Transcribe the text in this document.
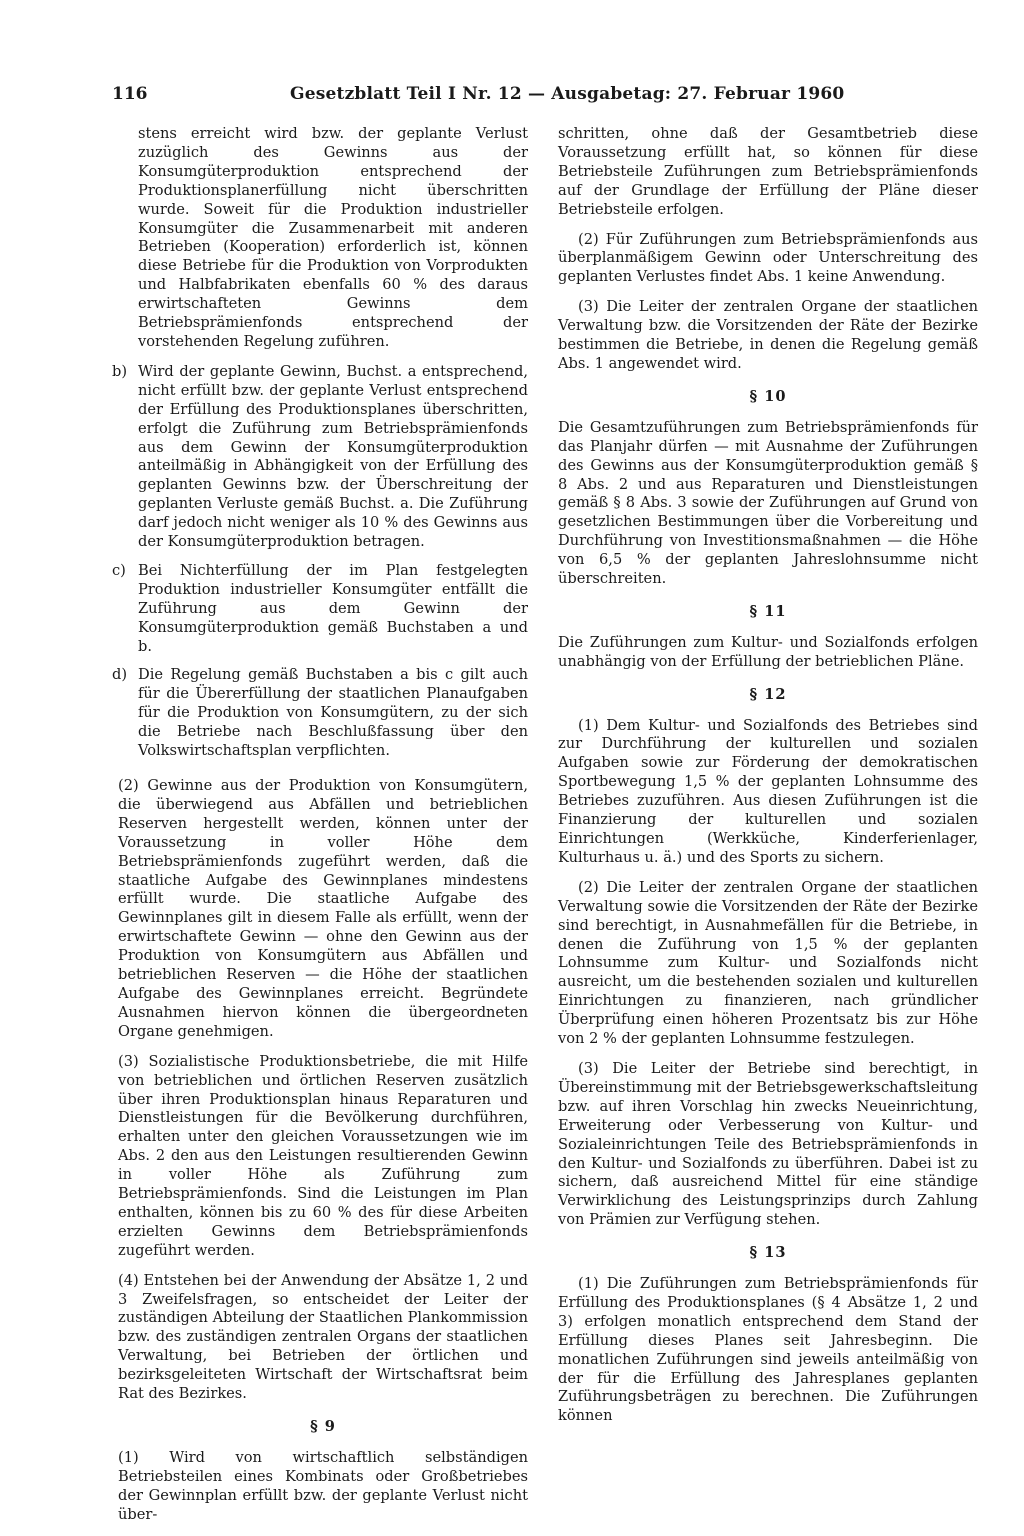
116	Gesetzblatt Teil I Nr. 12 — Ausgabetag: 27. Februar 1960

stens erreicht wird bzw. der geplante Verlust zuzüglich des Gewinns aus der Konsumgüterproduktion entsprechend der Produktionsplanerfüllung nicht überschritten wurde. Soweit für die Produktion industrieller Konsumgüter die Zusammenarbeit mit anderen Betrieben (Kooperation) erforderlich ist, können diese Betriebe für die Produktion von Vorprodukten und Halbfabrikaten ebenfalls 60 % des daraus erwirtschafteten Gewinns dem Betriebsprämienfonds entsprechend der vorstehenden Regelung zuführen.

b) Wird der geplante Gewinn, Buchst. a entsprechend, nicht erfüllt bzw. der geplante Verlust entsprechend der Erfüllung des Produktionsplanes überschritten, erfolgt die Zuführung zum Betriebsprämienfonds aus dem Gewinn der Konsumgüterproduktion anteilmäßig in Abhängigkeit von der Erfüllung des geplanten Gewinns bzw. der Überschreitung der geplanten Verluste gemäß Buchst. a. Die Zuführung darf jedoch nicht weniger als 10 % des Gewinns aus der Konsumgüterproduktion betragen.
c) Bei Nichterfüllung der im Plan festgelegten Produktion industrieller Konsumgüter entfällt die Zuführung aus dem Gewinn der Konsumgüterproduktion gemäß Buchstaben a und b.
d) Die Regelung gemäß Buchstaben a bis c gilt auch für die Übererfüllung der staatlichen Planaufgaben für die Produktion von Konsumgütern, zu der sich die Betriebe nach Beschlußfassung über den Volkswirtschaftsplan verpflichten.

(2) Gewinne aus der Produktion von Konsumgütern, die überwiegend aus Abfällen und betrieblichen Reserven hergestellt werden, können unter der Voraussetzung in voller Höhe dem Betriebsprämienfonds zugeführt werden, daß die staatliche Aufgabe des Gewinnplanes mindestens erfüllt wurde. Die staatliche Aufgabe des Gewinnplanes gilt in diesem Falle als erfüllt, wenn der erwirtschaftete Gewinn — ohne den Gewinn aus der Produktion von Konsumgütern aus Abfällen und betrieblichen Reserven — die Höhe der staatlichen Aufgabe des Gewinnplanes erreicht. Begründete Ausnahmen hiervon können die übergeordneten Organe genehmigen.

(3) Sozialistische Produktionsbetriebe, die mit Hilfe von betrieblichen und örtlichen Reserven zusätzlich über ihren Produktionsplan hinaus Reparaturen und Dienstleistungen für die Bevölkerung durchführen, erhalten unter den gleichen Voraussetzungen wie im Abs. 2 den aus den Leistungen resultierenden Gewinn in voller Höhe als Zuführung zum Betriebsprämienfonds. Sind die Leistungen im Plan enthalten, können bis zu 60 % des für diese Arbeiten erzielten Gewinns dem Betriebsprämienfonds zugeführt werden.

(4) Entstehen bei der Anwendung der Absätze 1, 2 und 3 Zweifelsfragen, so entscheidet der Leiter der zuständigen Abteilung der Staatlichen Plankommission bzw. des zuständigen zentralen Organs der staatlichen Verwaltung, bei Betrieben der örtlichen und bezirksgeleiteten Wirtschaft der Wirtschaftsrat beim Rat des Bezirkes.

§ 9

(1) Wird von wirtschaftlich selbständigen Betriebsteilen eines Kombinats oder Großbetriebes der Gewinnplan erfüllt bzw. der geplante Verlust nicht über-

schritten, ohne daß der Gesamtbetrieb diese Voraussetzung erfüllt hat, so können für diese Betriebsteile Zuführungen zum Betriebsprämienfonds auf der Grundlage der Erfüllung der Pläne dieser Betriebsteile erfolgen.

(2) Für Zuführungen zum Betriebsprämienfonds aus überplanmäßigem Gewinn oder Unterschreitung des geplanten Verlustes findet Abs. 1 keine Anwendung.

(3) Die Leiter der zentralen Organe der staatlichen Verwaltung bzw. die Vorsitzenden der Räte der Bezirke bestimmen die Betriebe, in denen die Regelung gemäß Abs. 1 angewendet wird.

§ 10

Die Gesamtzuführungen zum Betriebsprämienfonds für das Planjahr dürfen — mit Ausnahme der Zuführungen des Gewinns aus der Konsumgüterproduktion gemäß § 8 Abs. 2 und aus Reparaturen und Dienstleistungen gemäß § 8 Abs. 3 sowie der Zuführungen auf Grund von gesetzlichen Bestimmungen über die Vorbereitung und Durchführung von Investitionsmaßnahmen — die Höhe von 6,5 % der geplanten Jahreslohnsumme nicht überschreiten.

§ 11

Die Zuführungen zum Kultur- und Sozialfonds erfolgen unabhängig von der Erfüllung der betrieblichen Pläne.

§ 12

(1) Dem Kultur- und Sozialfonds des Betriebes sind zur Durchführung der kulturellen und sozialen Aufgaben sowie zur Förderung der demokratischen Sportbewegung 1,5 % der geplanten Lohnsumme des Betriebes zuzuführen. Aus diesen Zuführungen ist die Finanzierung der kulturellen und sozialen Einrichtungen (Werkküche, Kinderferienlager, Kulturhaus u. ä.) und des Sports zu sichern.

(2) Die Leiter der zentralen Organe der staatlichen Verwaltung sowie die Vorsitzenden der Räte der Bezirke sind berechtigt, in Ausnahmefällen für die Betriebe, in denen die Zuführung von 1,5 % der geplanten Lohnsumme zum Kultur- und Sozialfonds nicht ausreicht, um die bestehenden sozialen und kulturellen Einrichtungen zu finanzieren, nach gründlicher Überprüfung einen höheren Prozentsatz bis zur Höhe von 2 % der geplanten Lohnsumme festzulegen.

(3) Die Leiter der Betriebe sind berechtigt, in Übereinstimmung mit der Betriebsgewerkschaftsleitung bzw. auf ihren Vorschlag hin zwecks Neueinrichtung, Erweiterung oder Verbesserung von Kultur- und Sozialeinrichtungen Teile des Betriebsprämienfonds in den Kultur- und Sozialfonds zu überführen. Dabei ist zu sichern, daß ausreichend Mittel für eine ständige Verwirklichung des Leistungsprinzips durch Zahlung von Prämien zur Verfügung stehen.

§ 13

(1) Die Zuführungen zum Betriebsprämienfonds für Erfüllung des Produktionsplanes (§ 4 Absätze 1, 2 und 3) erfolgen monatlich entsprechend dem Stand der Erfüllung dieses Planes seit Jahresbeginn. Die monatlichen Zuführungen sind jeweils anteilmäßig von der für die Erfüllung des Jahresplanes geplanten Zuführungsbeträgen zu berechnen. Die Zuführungen können
